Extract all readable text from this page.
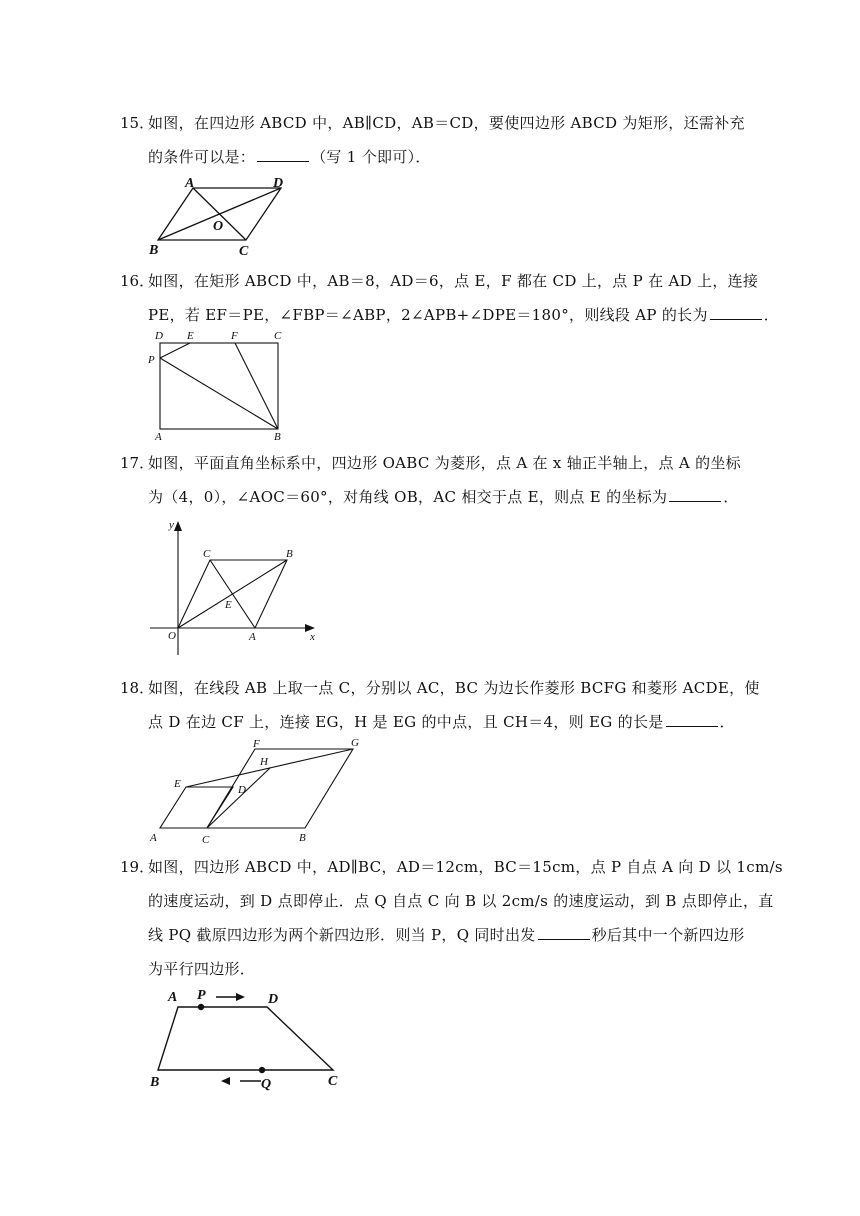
15．
如图，在四边形 ABCD 中，AB∥CD，AB＝CD，要使四边形 ABCD 为矩形，还需补充
的条件可以是：	（写 1 个即可）．
A	D
O
B	C
16．
如图，在矩形 ABCD 中，AB＝8，AD＝6，点 E，F 都在 CD 上，点 P 在 AD 上，连接
PE，若 EF＝PE，∠FBP＝∠ABP，2∠APB+∠DPE＝180°，则线段 AP 的长为	．
D E	F	C
P
A	B
17．
如图，平面直角坐标系中，四边形 OABC 为菱形，点 A 在 x 轴正半轴上，点 A 的坐标
为（4，0），∠AOC＝60°，对角线 OB，AC 相交于点 E，则点 E 的坐标为	．
y
x
C	B
E
O	A
18．
如图，在线段 AB 上取一点 C，分别以 AC，BC 为边长作菱形 BCFG 和菱形 ACDE，使
点 D 在边 CF 上，连接 EG，H 是 EG 的中点，且 CH＝4，则 EG 的长是	．
F	G
H
E	D
A	C	B
19．
如图，四边形 ABCD 中，AD∥BC，AD＝12cm，BC＝15cm，点 P 自点 A 向 D 以 1cm/s
的速度运动，到 D 点即停止．点 Q 自点 C 向 B 以 2cm/s 的速度运动，到 B 点即停止，直
线 PQ 截原四边形为两个新四边形．则当 P，Q 同时出发	秒后其中一个新四边形
为平行四边形．
A P	D
B	Q	C
